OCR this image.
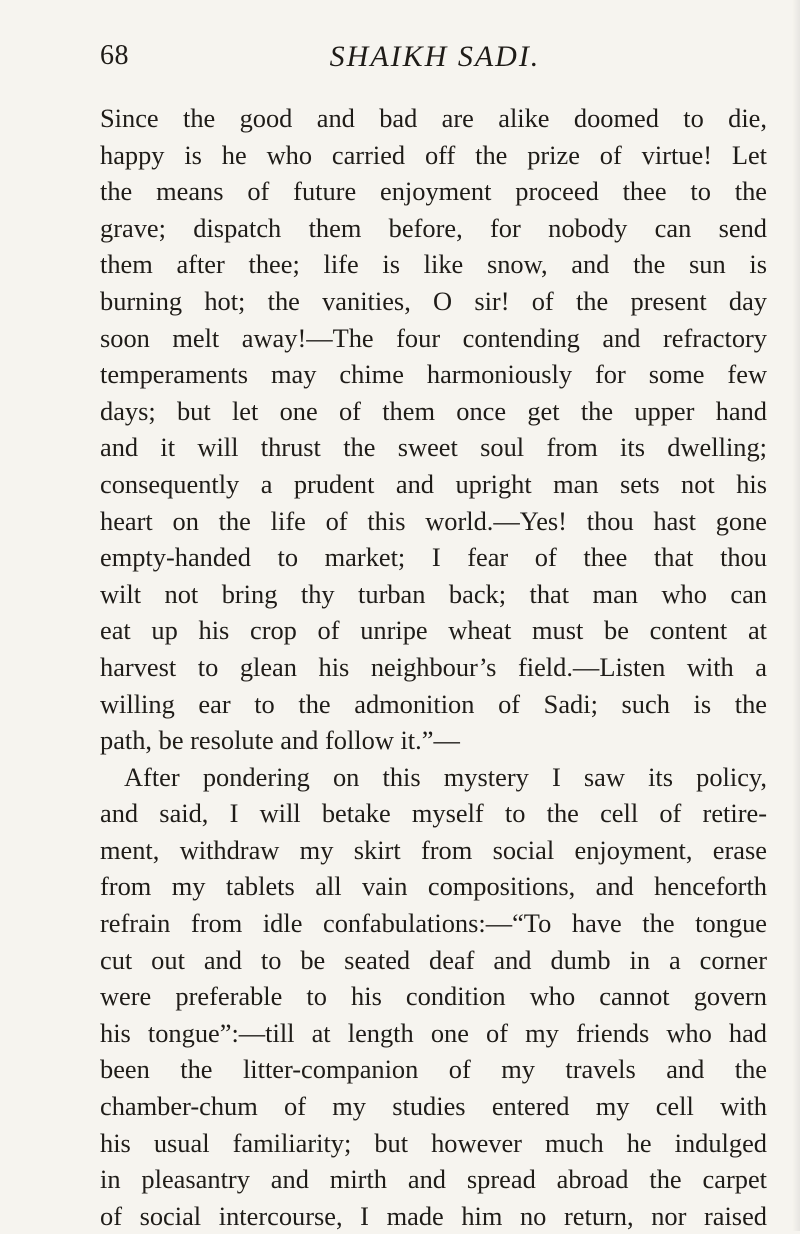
68	SHAIKH SADI.
Since the good and bad are alike doomed to die,
happy is he who carried off the prize of virtue! Let
the means of future enjoyment proceed thee to the
grave; dispatch them before, for nobody can send
them after thee; life is like snow, and the sun is
burning hot; the vanities, O sir! of the present day
soon melt away!—The four contending and refractory
temperaments may chime harmoniously for some few
days; but let one of them once get the upper hand
and it will thrust the sweet soul from its dwelling;
consequently a prudent and upright man sets not his
heart on the life of this world.—Yes! thou hast gone
empty-handed to market; I fear of thee that thou
wilt not bring thy turban back; that man who can
eat up his crop of unripe wheat must be content at
harvest to glean his neighbour’s field.—Listen with a
willing ear to the admonition of Sadi; such is the
path, be resolute and follow it.”—
After pondering on this mystery I saw its policy,
and said, I will betake myself to the cell of retire-
ment, withdraw my skirt from social enjoyment, erase
from my tablets all vain compositions, and henceforth
refrain from idle confabulations:—“To have the tongue
cut out and to be seated deaf and dumb in a corner
were preferable to his condition who cannot govern
his tongue”:—till at length one of my friends who had
been the litter-companion of my travels and the
chamber-chum of my studies entered my cell with
his usual familiarity; but however much he indulged
in pleasantry and mirth and spread abroad the carpet
of social intercourse, I made him no return, nor raised
